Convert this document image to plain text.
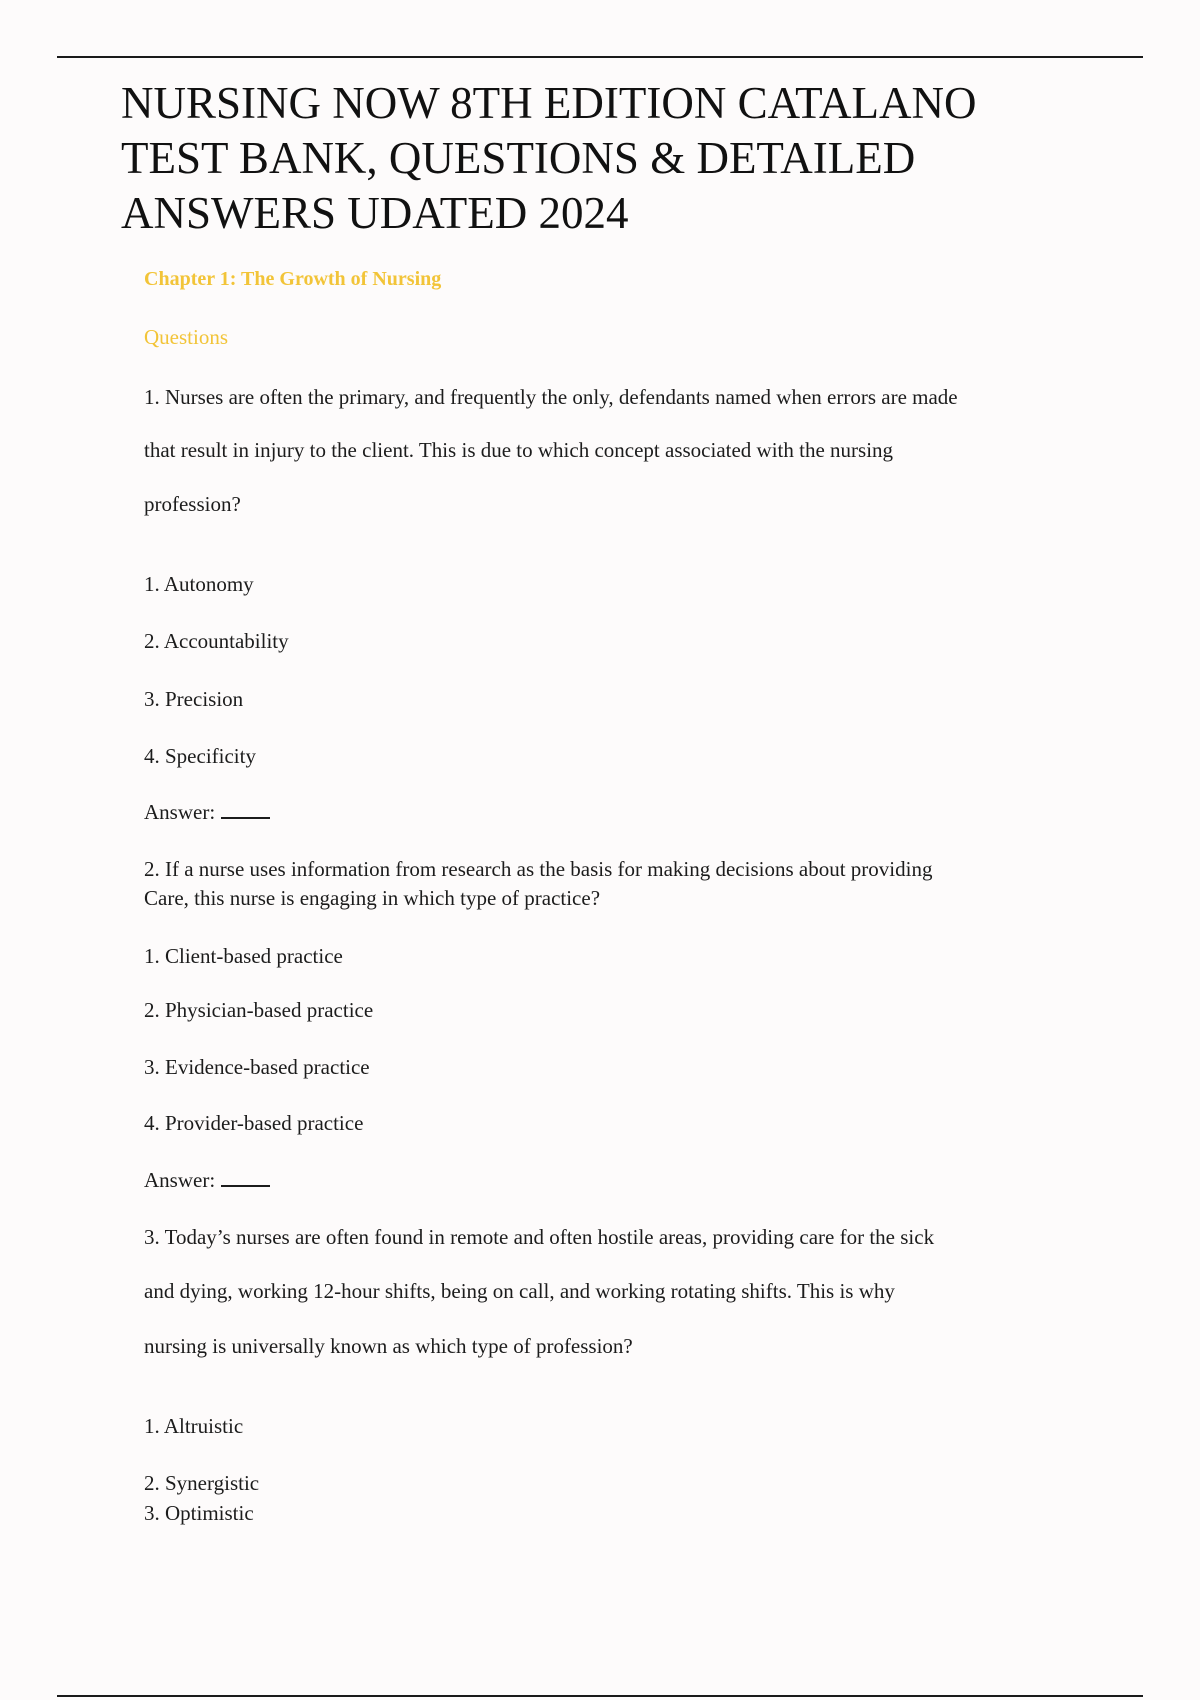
NURSING NOW 8TH EDITION CATALANO
TEST BANK, QUESTIONS & DETAILED
ANSWERS UDATED 2024
Chapter 1: The Growth of Nursing
Questions
1. Nurses are often the primary, and frequently the only, defendants named when errors are made
that result in injury to the client. This is due to which concept associated with the nursing
profession?
1. Autonomy
2. Accountability
3. Precision
4. Specificity
Answer:
2. If a nurse uses information from research as the basis for making decisions about providing
Care, this nurse is engaging in which type of practice?
1. Client-based practice
2. Physician-based practice
3. Evidence-based practice
4. Provider-based practice
Answer:
3. Today’s nurses are often found in remote and often hostile areas, providing care for the sick
and dying, working 12-hour shifts, being on call, and working rotating shifts. This is why
nursing is universally known as which type of profession?
1. Altruistic
2. Synergistic
3. Optimistic
